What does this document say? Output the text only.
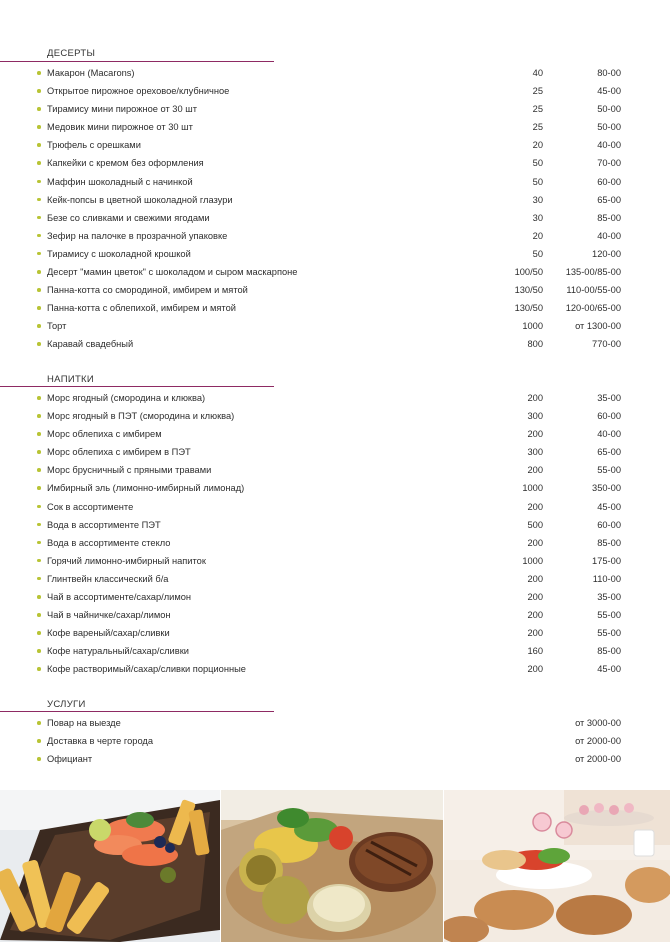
ДЕСЕРТЫ
Макарон (Macarons)	40	80-00
Открытое пирожное ореховое/клубничное	25	45-00
Тирамису мини пирожное от 30 шт	25	50-00
Медовик мини пирожное от 30 шт	25	50-00
Трюфель с орешками	20	40-00
Капкейки с кремом без оформления	50	70-00
Маффин шоколадный с начинкой	50	60-00
Кейк-попсы в цветной шоколадной глазури	30	65-00
Безе со сливками и свежими ягодами	30	85-00
Зефир на палочке в прозрачной упаковке	20	40-00
Тирамису с шоколадной крошкой	50	120-00
Десерт "мамин цветок" с шоколадом и сыром маскарпоне	100/50 135-00/85-00
Панна-котта со смородиной, имбирем и мятой	130/50	110-00/55-00
Панна-котта с облепихой, имбирем и мятой	130/50 120-00/65-00
Торт	1000	от 1300-00
Каравай свадебный	800	770-00
НАПИТКИ
Морс ягодный (смородина и клюква)	200	35-00
Морс ягодный в ПЭТ (смородина и клюква)	300	60-00
Морс облепиха с имбирем	200	40-00
Морс облепиха с имбирем в ПЭТ	300	65-00
Морс брусничный с пряными травами	200	55-00
Имбирный эль (лимонно-имбирный лимонад)	1000	350-00
Сок в ассортименте	200	45-00
Вода в ассортименте ПЭТ	500	60-00
Вода в ассортименте стекло	200	85-00
Горячий лимонно-имбирный напиток	1000	175-00
Глинтвейн классический б/а	200	110-00
Чай в ассортименте/сахар/лимон	200	35-00
Чай в чайничке/сахар/лимон	200	55-00
Кофе вареный/сахар/сливки	200	55-00
Кофе натуральный/сахар/сливки	160	85-00
Кофе растворимый/сахар/сливки порционные	200	45-00
УСЛУГИ
Повар на выезде	от 3000-00
Доставка в черте города	от 2000-00
Официант	от 2000-00
